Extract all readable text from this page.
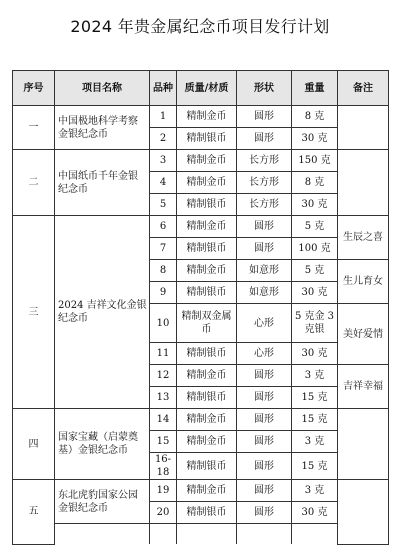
2024 年贵金属纪念币项目发行计划
序号	项目名称	品种	质量/材质	形状	重量	备注
一	中国极地科学考察金银纪念币	1	精制金币	圆形	8 克	
		2	精制银币	圆形	30 克	
二	中国纸币千年金银纪念币	3	精制金币	长方形	150 克	
		4	精制金币	长方形	8 克	
		5	精制银币	长方形	30 克	
三	2024 吉祥文化金银纪念币	6	精制金币	圆形	5 克	生辰之喜
		7	精制银币	圆形	100 克	
		8	精制金币	如意形	5 克	生儿育女
		9	精制银币	如意形	30 克	
		10	精制双金属币	心形	5 克金 3 克银	美好爱情
		11	精制银币	心形	30 克	
		12	精制金币	圆形	3 克	吉祥幸福
		13	精制银币	圆形	15 克	
四	国家宝藏（启蒙奠基）金银纪念币	14	精制金币	圆形	15 克	
		15	精制金币	圆形	3 克	
		16-18	精制银币	圆形	15 克	
五	东北虎豹国家公园金银纪念币	19	精制金币	圆形	3 克	
		20	精制银币	圆形	30 克	
